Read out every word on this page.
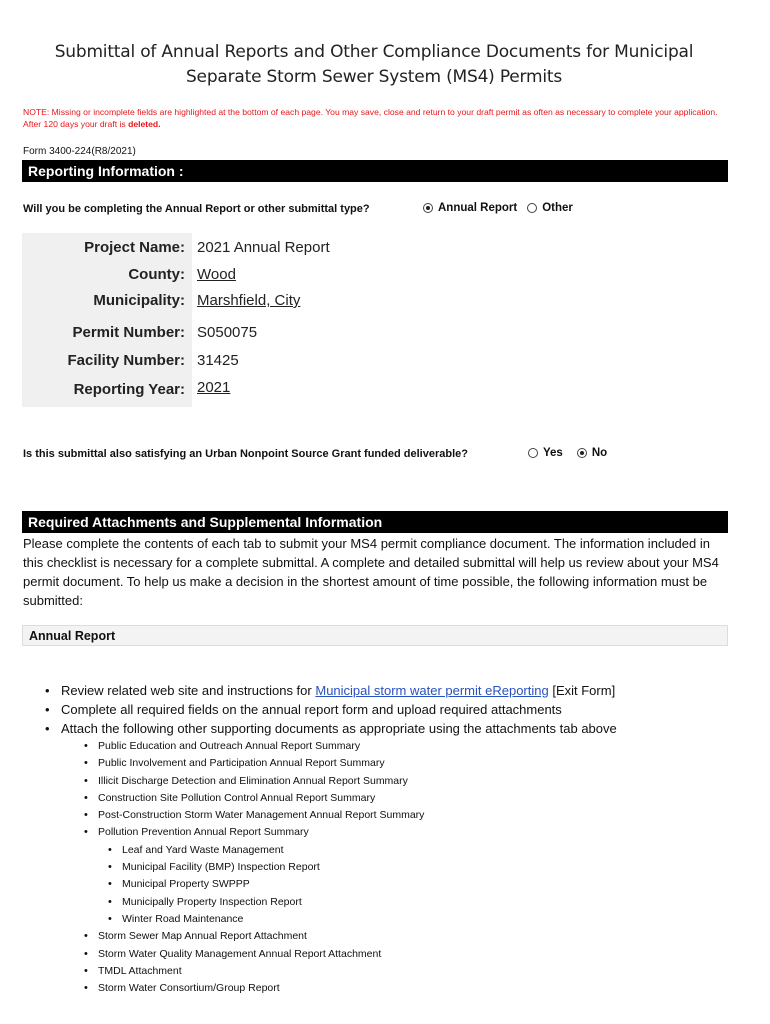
Submittal of Annual Reports and Other Compliance Documents for Municipal
Separate Storm Sewer System (MS4) Permits
NOTE: Missing or incomplete fields are highlighted at the bottom of each page. You may save, close and return to your draft permit as often as necessary to complete your application. After 120 days your draft is deleted.
Form 3400-224(R8/2021)
Reporting Information :
Will you be completing the Annual Report or other submittal type?	Annual Report Other
Project Name: 2021 Annual Report
County: Wood
Municipality: Marshfield, City
Permit Number: S050075
Facility Number: 31425
Reporting Year: 2021
Is this submittal also satisfying an Urban Nonpoint Source Grant funded deliverable?	Yes	No
Required Attachments and Supplemental Information
Please complete the contents of each tab to submit your MS4 permit compliance document. The information included in this checklist is necessary for a complete submittal. A complete and detailed submittal will help us review about your MS4 permit document. To help us make a decision in the shortest amount of time possible, the following information must be submitted:
Annual Report
• Review related web site and instructions for Municipal storm water permit eReporting [Exit Form]
• Complete all required fields on the annual report form and upload required attachments
• Attach the following other supporting documents as appropriate using the attachments tab above
• Public Education and Outreach Annual Report Summary
• Public Involvement and Participation Annual Report Summary
• Illicit Discharge Detection and Elimination Annual Report Summary
• Construction Site Pollution Control Annual Report Summary
• Post-Construction Storm Water Management Annual Report Summary
• Pollution Prevention Annual Report Summary
• Leaf and Yard Waste Management
• Municipal Facility (BMP) Inspection Report
• Municipal Property SWPPP
• Municipally Property Inspection Report
• Winter Road Maintenance
• Storm Sewer Map Annual Report Attachment
• Storm Water Quality Management Annual Report Attachment
• TMDL Attachment
• Storm Water Consortium/Group Report
